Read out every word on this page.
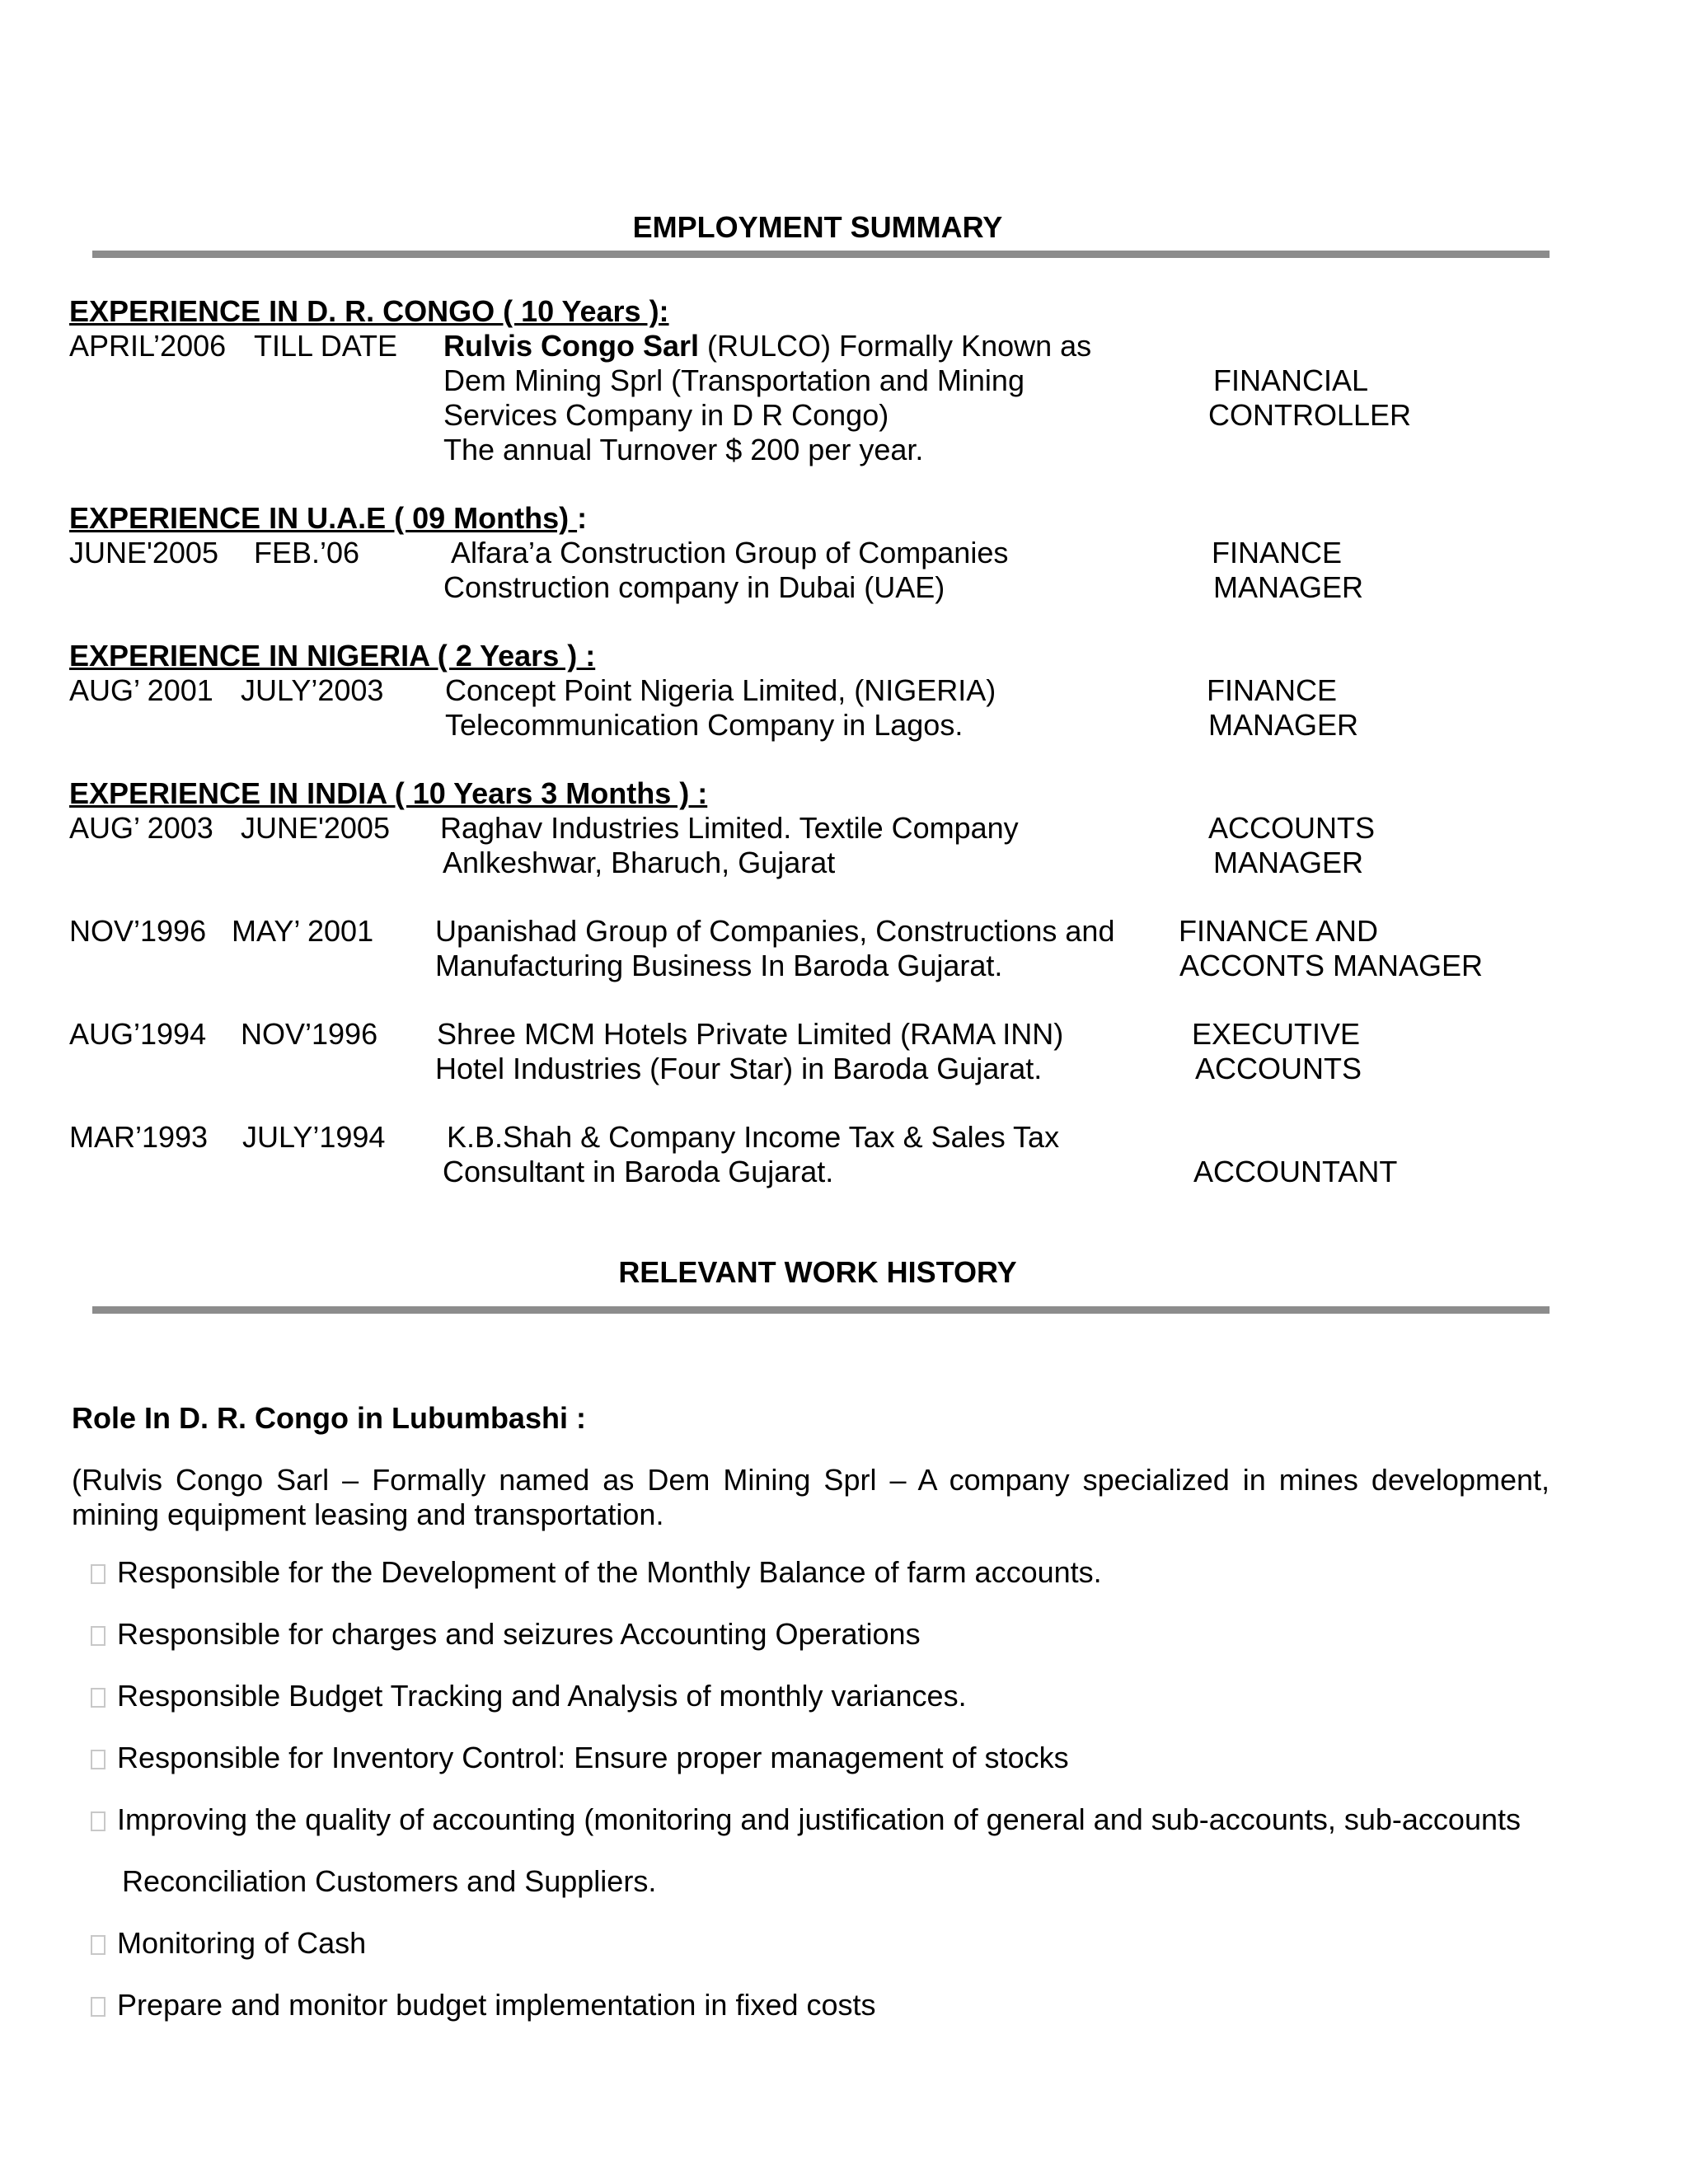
EMPLOYMENT SUMMARY
EXPERIENCE IN D. R. CONGO ( 10 Years ):
APRIL’2006 TILL DATE Rulvis Congo Sarl (RULCO) Formally Known as
Dem Mining Sprl (Transportation and Mining
Services Company in D R Congo)
The annual Turnover $ 200 per year.
FINANCIAL
CONTROLLER
EXPERIENCE IN U.A.E ( 09 Months) :
JUNE'2005 FEB.’06	Alfara’a Construction Group of Companies
Construction company in Dubai (UAE)
FINANCE
MANAGER
EXPERIENCE IN NIGERIA ( 2 Years ) :
AUG’ 2001 JULY’2003 Concept Point Nigeria Limited, (NIGERIA)
Telecommunication Company in Lagos.
FINANCE
MANAGER
EXPERIENCE IN INDIA ( 10 Years 3 Months ) :
AUG’ 2003 JUNE'2005 Raghav Industries Limited. Textile Company
Anlkeshwar, Bharuch, Gujarat
ACCOUNTS
MANAGER
NOV’1996 MAY’ 2001 Upanishad Group of Companies, Constructions and
Manufacturing Business In Baroda Gujarat.
FINANCE AND
ACCONTS MANAGER
AUG’1994 NOV’1996 Shree MCM Hotels Private Limited (RAMA INN)
Hotel Industries (Four Star) in Baroda Gujarat.
EXECUTIVE
ACCOUNTS
MAR’1993 JULY’1994 K.B.Shah & Company Income Tax & Sales Tax
Consultant in Baroda Gujarat.	ACCOUNTANT
RELEVANT WORK HISTORY
Role In D. R. Congo in Lubumbashi :
(Rulvis Congo Sarl – Formally named as Dem Mining Sprl – A company specialized in mines development, mining equipment leasing and transportation.
Responsible for the Development of the Monthly Balance of farm accounts.
Responsible for charges and seizures Accounting Operations
Responsible Budget Tracking and Analysis of monthly variances.
Responsible for Inventory Control: Ensure proper management of stocks
Improving the quality of accounting (monitoring and justification of general and sub-accounts, sub-accounts
Reconciliation Customers and Suppliers.
Monitoring of Cash
Prepare and monitor budget implementation in fixed costs
